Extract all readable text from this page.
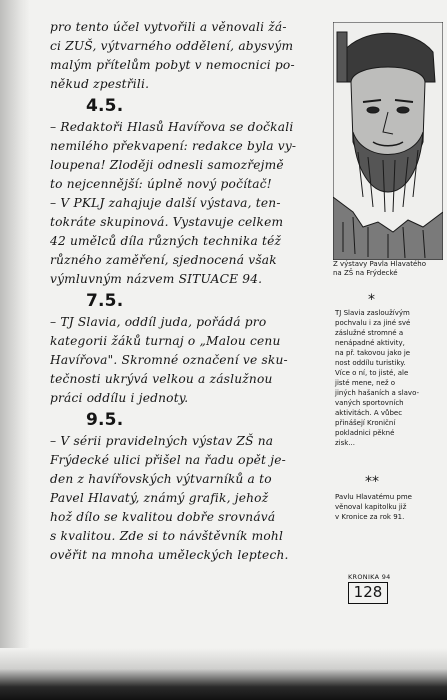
pro tento účel vytvořili a věnovali žá-
ci ZUŠ, výtvarného oddělení, abysvým
malým přítelům pobyt v nemocnici po-
někud zpestřili.
4.5.
– Redaktoři Hlasů Havířova se dočkali
nemilého překvapení: redakce byla vy-
loupena! Zloději odnesli samozřejmě
to nejcennější: úplně nový počítač!
– V PKLJ zahajuje další výstava, ten-
tokráte skupinová. Vystavuje celkem
42 umělců díla různých technika též
různého zaměření, sjednocená však
výmluvným názvem SITUACE 94.
7.5.
– TJ Slavia, oddíl juda, pořádá pro
kategorii žáků turnaj o „Malou cenu
Havířova". Skromné označení ve sku-
tečnosti ukrývá velkou a záslužnou
práci oddílu i jednoty.
9.5.
– V sérii pravidelných výstav ZŠ na
Frýdecké ulici přišel na řadu opět je-
den z havířovských výtvarníků a to
Pavel Hlavatý, známý grafik, jehož
hož dílo se kvalitou dobře srovnává
s kvalitou. Zde si to návštěvník mohl
ověřit na mnoha uměleckých leptech.
Z výstavy Pavla Hlavatého
na ZŠ na Frýdecké
*
TJ Slavia zasloužívým
pochvalu i za jiné své
záslužné stromné a
nenápadné aktivity,
na př. takovou jako je
nost oddílu turistiky.
Více o ní, to jisté, ale
jisté mene, než o
jiných hašaních a slavo-
vaných sportovních
aktivitách. A vůbec
přinášejí Kroniční
pokladnici pěkné
zisk...
**
Pavlu Hlavatému pme
věnoval kapitolku již
v Kronice za rok 91.
KRONIKA 94
128
